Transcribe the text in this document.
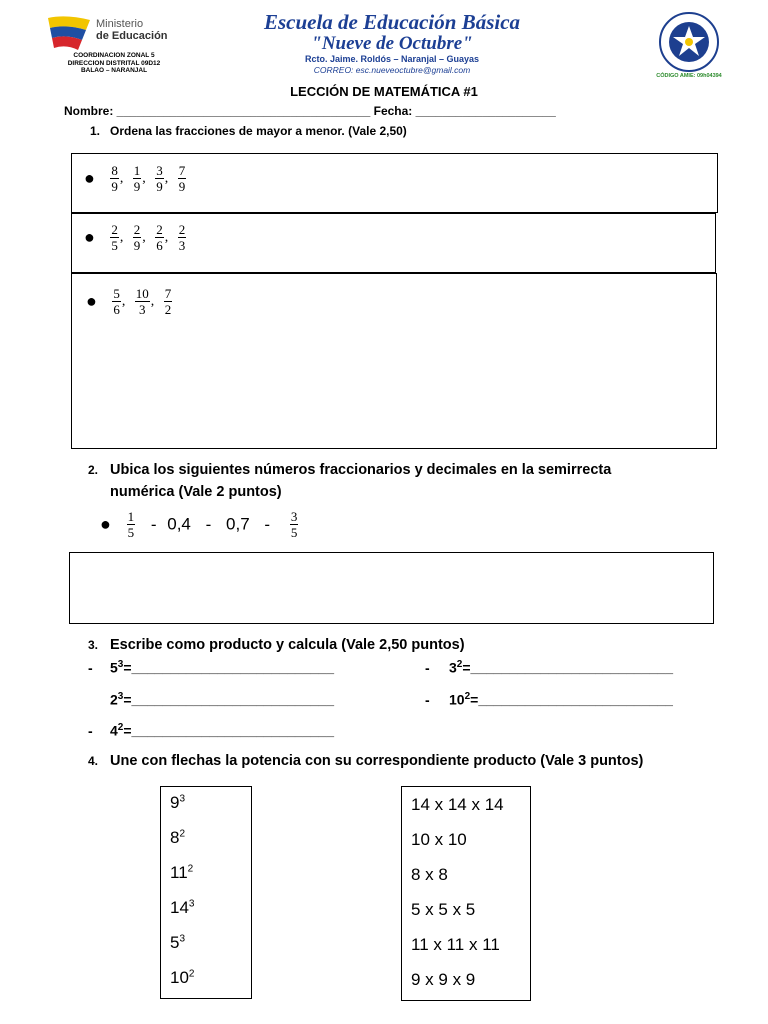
Ministerio
de Educación
COORDINACION ZONAL 5
DIRECCION DISTRITAL 09D12
BALAO – NARANJAL
Escuela de Educación Básica
"Nueve de Octubre"
Rcto. Jaime. Roldós – Naranjal – Guayas
CORREO: esc.nueveoctubre@gmail.com
CÓDIGO AMIE: 09h04394
LECCIÓN DE MATEMÁTICA #1
Nombre: ______________________________________ Fecha: _____________________
1. Ordena las fracciones de mayor a menor. (Vale 2,50)
● $\frac{8}{9}$ , $\frac{1}{9}$ , $\frac{3}{9}$ , $\frac{7}{9}$
● $\frac{2}{5}$ , $\frac{2}{9}$ , $\frac{2}{6}$ , $\frac{2}{3}$
● $\frac{5}{6}$ , $\frac{10}{3}$ , $\frac{7}{2}$
2. Ubica los siguientes números fraccionarios y decimales en la semirrecta
numérica (Vale 2 puntos)
● $\frac{1}{5} - 0,4 - 0,7 - \frac{3}{5}$
3. Escribe como producto y calcula (Vale 2,50 puntos)
- $5^3=\_\_\_\_\_\_\_\_\_\_\_\_\_\_\_\_\_\_\_\_\_\_\_\_\_\_$	- $3^2=\_\_\_\_\_\_\_\_\_\_\_\_\_\_\_\_\_\_\_\_\_\_\_\_\_\_$
$2^3=\_\_\_\_\_\_\_\_\_\_\_\_\_\_\_\_\_\_\_\_\_\_\_\_\_\_$	- $10^2=\_\_\_\_\_\_\_\_\_\_\_\_\_\_\_\_\_\_\_\_\_\_\_\_\_$
- $4^2=\_\_\_\_\_\_\_\_\_\_\_\_\_\_\_\_\_\_\_\_\_\_\_\_\_\_$
4. Une con flechas la potencia con su correspondiente producto (Vale 3 puntos)
$9^3$
$8^2$
$11^2$
$14^3$
$5^3$
$10^2$
14 x 14 x 14
10 x 10
8 x 8
5 x 5 x 5
11 x 11 x 11
9 x 9 x 9
